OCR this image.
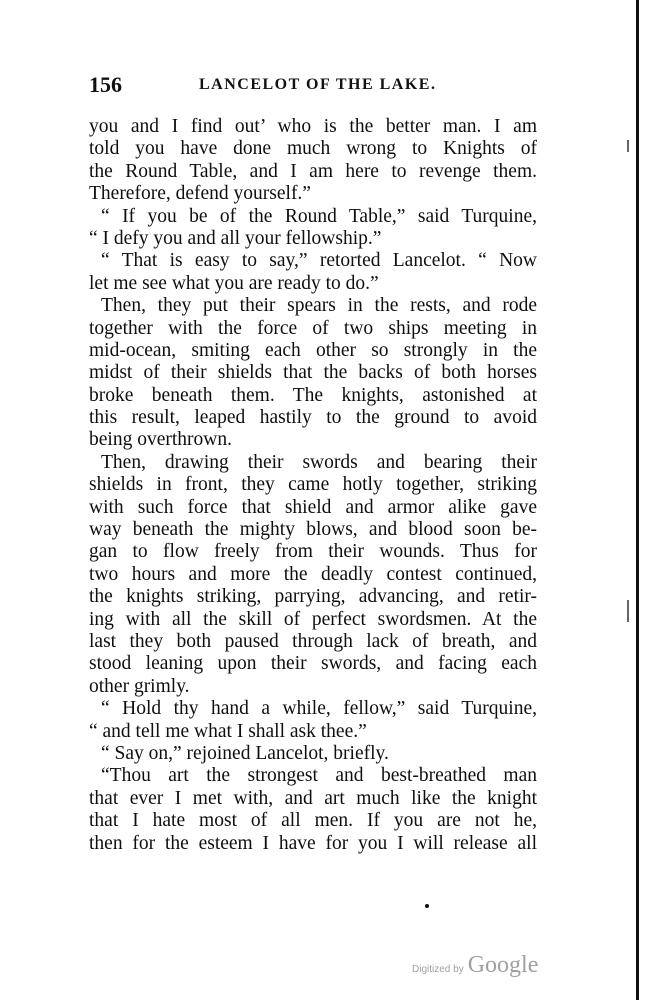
156	LANCELOT OF THE LAKE.
you and I find out’ who is the better man. I am
told you have done much wrong to Knights of
the Round Table, and I am here to revenge them.
Therefore, defend yourself.”
“ If you be of the Round Table,” said Turquine,
“ I defy you and all your fellowship.”
“ That is easy to say,” retorted Lancelot. “ Now
let me see what you are ready to do.”
Then, they put their spears in the rests, and rode
together with the force of two ships meeting in
mid-ocean, smiting each other so strongly in the
midst of their shields that the backs of both horses
broke beneath them. The knights, astonished at
this result, leaped hastily to the ground to avoid
being overthrown.
Then, drawing their swords and bearing their
shields in front, they came hotly together, striking
with such force that shield and armor alike gave
way beneath the mighty blows, and blood soon be-
gan to flow freely from their wounds. Thus for
two hours and more the deadly contest continued,
the knights striking, parrying, advancing, and retir-
ing with all the skill of perfect swordsmen. At the
last they both paused through lack of breath, and
stood leaning upon their swords, and facing each
other grimly.
“ Hold thy hand a while, fellow,” said Turquine,
“ and tell me what I shall ask thee.”
“ Say on,” rejoined Lancelot, briefly.
“Thou art the strongest and best-breathed man
that ever I met with, and art much like the knight
that I hate most of all men. If you are not he,
then for the esteem I have for you I will release all
Digitized by Google
